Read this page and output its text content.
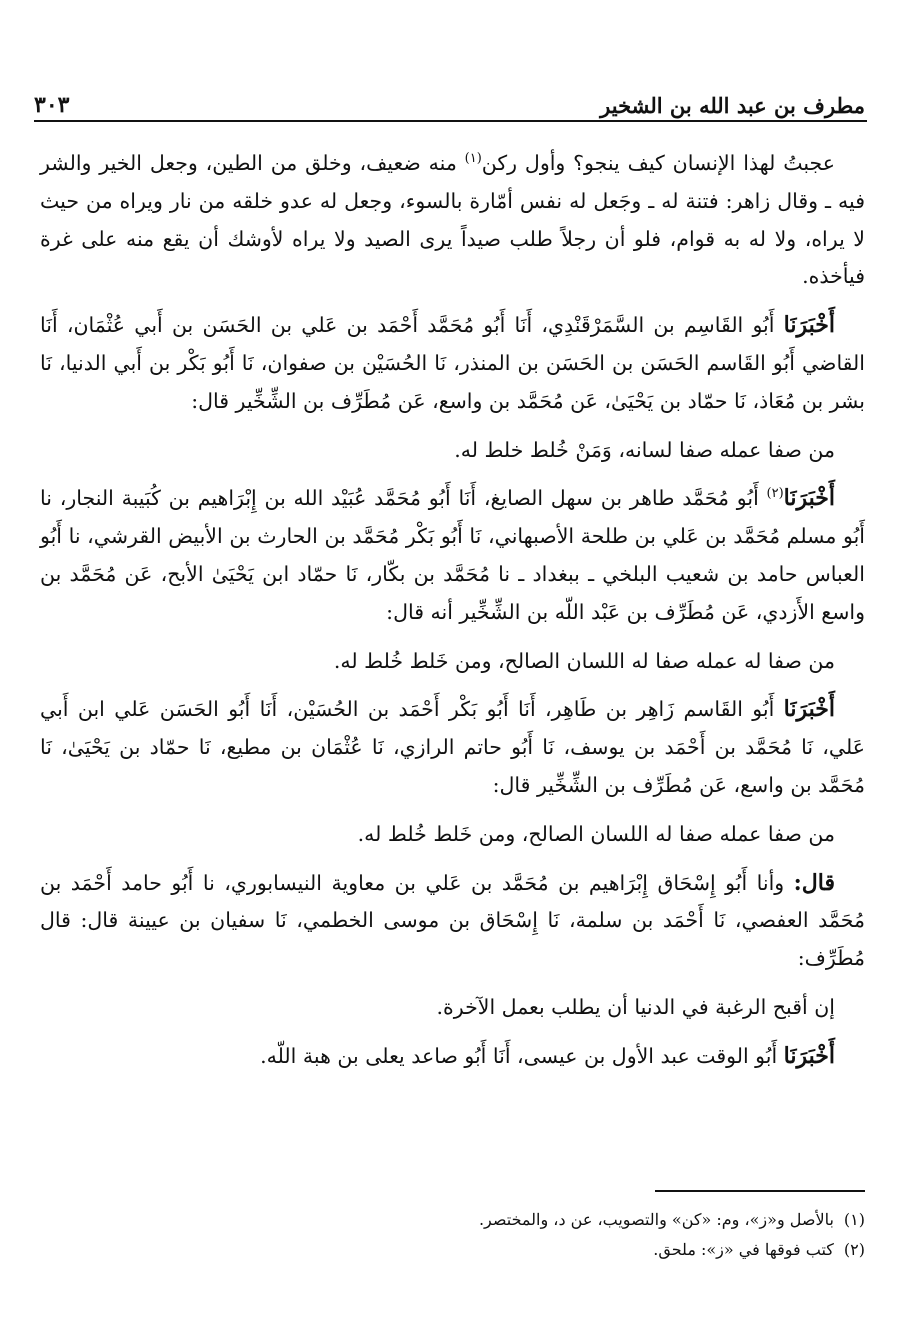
مطرف بن عبد الله بن الشخير
٣٠٣

عجبتُ لهذا الإنسان كيف ينجو؟ وأول ركن$^{(١)}$ منه ضعيف، وخلق من الطين، وجعل الخير والشر فيه ـ وقال زاهر: فتنة له ـ وجَعل له نفس أمّارة بالسوء، وجعل له عدو خلقه من نار ويراه من حيث لا يراه، ولا له به قوام، فلو أن رجلاً طلب صيداً يرى الصيد ولا يراه لأوشك أن يقع منه على غرة فيأخذه.

أَخْبَرَنَا أَبُو القَاسِم بن السَّمَرْقَنْدِي، أَنَا أَبُو مُحَمَّد أَحْمَد بن عَلي بن الحَسَن بن أَبي عُثْمَان، أَنَا القاضي أَبُو القَاسم الحَسَن بن الحَسَن بن المنذر، نَا الحُسَيْن بن صفوان، نَا أَبُو بَكْر بن أَبي الدنيا، نَا بشر بن مُعَاذ، نَا حمّاد بن يَحْيَىٰ، عَن مُحَمَّد بن واسع، عَن مُطَرِّف بن الشِّخِّير قال:

من صفا عمله صفا لسانه، وَمَنْ خُلط خلط له.

أَخْبَرَنَا$^{(٢)}$ أَبُو مُحَمَّد طاهر بن سهل الصايغ، أَنَا أَبُو مُحَمَّد عُبَيْد الله بن إِبْرَاهيم بن كُبَيبة النجار، نا أَبُو مسلم مُحَمَّد بن عَلي بن طلحة الأصبهاني، نَا أَبُو بَكْر مُحَمَّد بن الحارث بن الأبيض القرشي، نا أَبُو العباس حامد بن شعيب البلخي ـ ببغداد ـ نا مُحَمَّد بن بكّار، نَا حمّاد ابن يَحْيَىٰ الأبح، عَن مُحَمَّد بن واسع الأَزدي، عَن مُطَرِّف بن عَبْد اللّه بن الشِّخِّير أنه قال:

من صفا له عمله صفا له اللسان الصالح، ومن خَلط خُلط له.

أَخْبَرَنَا أَبُو القَاسم زَاهِر بن طَاهِر، أَنَا أَبُو بَكْر أَحْمَد بن الحُسَيْن، أَنَا أَبُو الحَسَن عَلي ابن أَبي عَلي، نَا مُحَمَّد بن أَحْمَد بن يوسف، نَا أَبُو حاتم الرازي، نَا عُثْمَان بن مطيع، نَا حمّاد بن يَحْيَىٰ، نَا مُحَمَّد بن واسع، عَن مُطَرِّف بن الشِّخِّير قال:

من صفا عمله صفا له اللسان الصالح، ومن خَلط خُلط له.

قال: وأنا أَبُو إِسْحَاق إِبْرَاهيم بن مُحَمَّد بن عَلي بن معاوية النيسابوري، نا أَبُو حامد أَحْمَد بن مُحَمَّد العفصي، نَا أَحْمَد بن سلمة، نَا إِسْحَاق بن موسى الخطمي، نَا سفيان بن عيينة قال: قال مُطَرِّف:

إن أقبح الرغبة في الدنيا أن يطلب بعمل الآخرة.

أَخْبَرَنَا أَبُو الوقت عبد الأول بن عيسى، أَنَا أَبُو صاعد يعلى بن هبة اللّه.

(١)بالأصل و«ز»، وم: «كن» والتصويب، عن د، والمختصر.

(٢)كتب فوقها في «ز»: ملحق.
